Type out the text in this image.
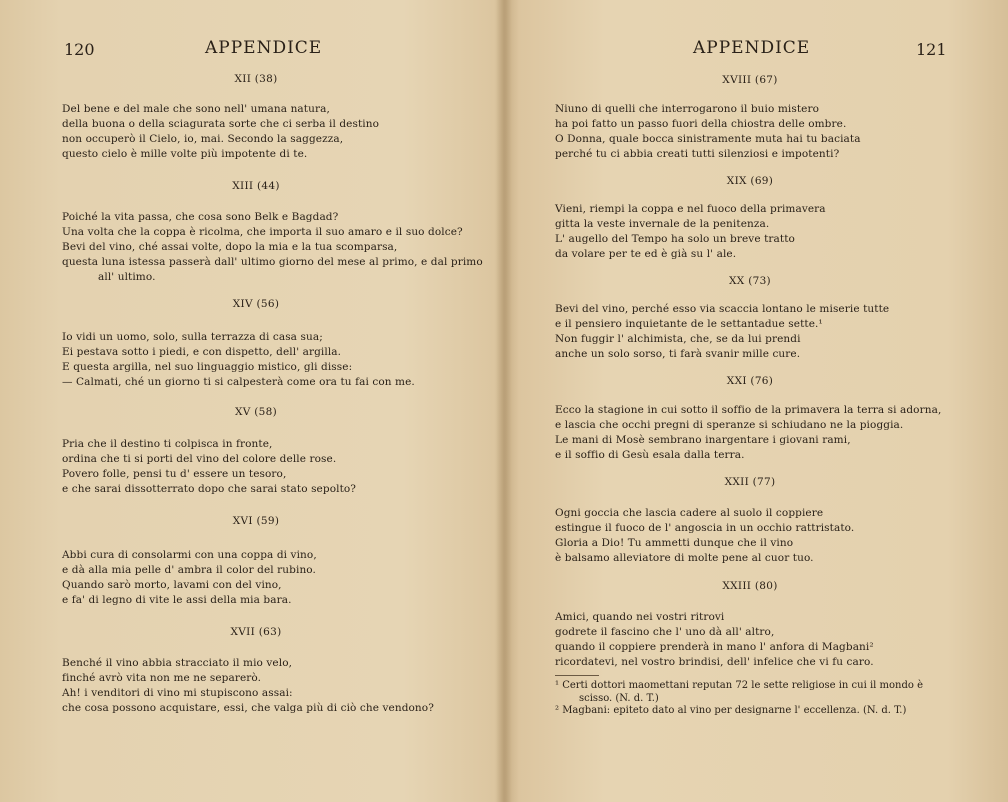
120	APPENDICE
XII (38)
Del bene e del male che sono nell' umana natura,
della buona o della sciagurata sorte che ci serba il destino
non occuperò il Cielo, io, mai. Secondo la saggezza,
questo cielo è mille volte più impotente di te.
XIII (44)
Poiché la vita passa, che cosa sono Belk e Bagdad?
Una volta che la coppa è ricolma, che importa il suo amaro e il suo dolce?
Bevi del vino, ché assai volte, dopo la mia e la tua scomparsa,
questa luna istessa passerà dall' ultimo giorno del mese al primo, e dal primo
all' ultimo.
XIV (56)
Io vidi un uomo, solo, sulla terrazza di casa sua;
Ei pestava sotto i piedi, e con dispetto, dell' argilla.
E questa argilla, nel suo linguaggio mistico, gli disse:
— Calmati, ché un giorno ti si calpesterà come ora tu fai con me.
XV (58)
Pria che il destino ti colpisca in fronte,
ordina che ti si porti del vino del colore delle rose.
Povero folle, pensi tu d' essere un tesoro,
e che sarai dissotterrato dopo che sarai stato sepolto?
XVI (59)
Abbi cura di consolarmi con una coppa di vino,
e dà alla mia pelle d' ambra il color del rubino.
Quando sarò morto, lavami con del vino,
e fa' di legno di vite le assi della mia bara.
XVII (63)
Benché il vino abbia stracciato il mio velo,
finché avrò vita non me ne separerò.
Ah! i venditori di vino mi stupiscono assai:
che cosa possono acquistare, essi, che valga più di ciò che vendono?
APPENDICE	121
XVIII (67)
Niuno di quelli che interrogarono il buio mistero
ha poi fatto un passo fuori della chiostra delle ombre.
O Donna, quale bocca sinistramente muta hai tu baciata
perché tu ci abbia creati tutti silenziosi e impotenti?
XIX (69)
Vieni, riempi la coppa e nel fuoco della primavera
gitta la veste invernale de la penitenza.
L' augello del Tempo ha solo un breve tratto
da volare per te ed è già su l' ale.
XX (73)
Bevi del vino, perché esso via scaccia lontano le miserie tutte
e il pensiero inquietante de le settantadue sette.¹
Non fuggir l' alchimista, che, se da lui prendi
anche un solo sorso, ti farà svanir mille cure.
XXI (76)
Ecco la stagione in cui sotto il soffio de la primavera la terra si adorna,
e lascia che occhi pregni di speranze si schiudano ne la pioggia.
Le mani di Mosè sembrano inargentare i giovani rami,
e il soffio di Gesù esala dalla terra.
XXII (77)
Ogni goccia che lascia cadere al suolo il coppiere
estingue il fuoco de l' angoscia in un occhio rattristato.
Gloria a Dio! Tu ammetti dunque che il vino
è balsamo alleviatore di molte pene al cuor tuo.
XXIII (80)
Amici, quando nei vostri ritrovi
godrete il fascino che l' uno dà all' altro,
quando il coppiere prenderà in mano l' anfora di Magbani²
ricordatevi, nel vostro brindisi, dell' infelice che vi fu caro.
¹ Certi dottori maomettani reputan 72 le sette religiose in cui il mondo è
scisso. (N. d. T.)
² Magbani: epiteto dato al vino per designarne l' eccellenza. (N. d. T.)
